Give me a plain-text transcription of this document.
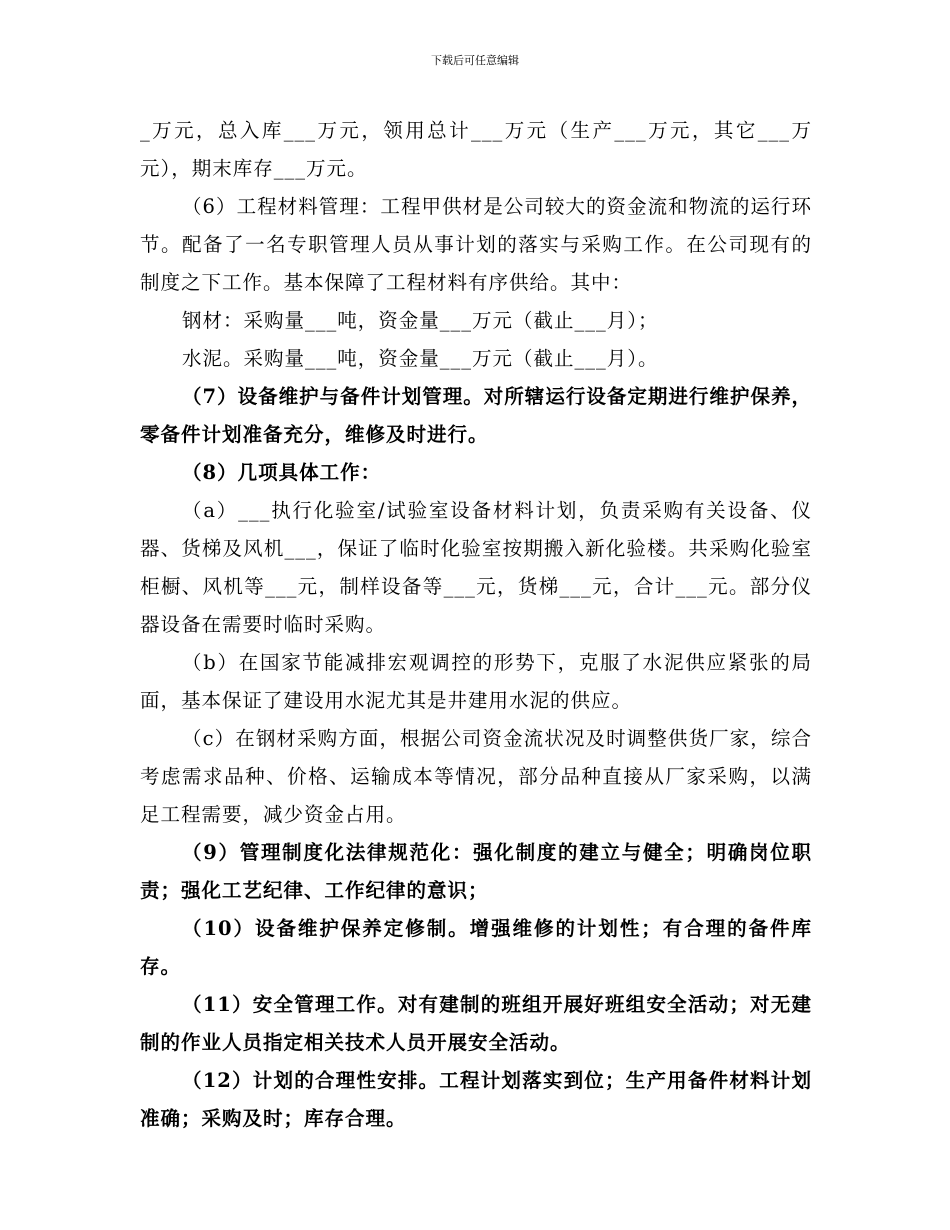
下载后可任意编辑

_万元，总入库___万元，领用总计___万元（生产___万元，其它___万元），期末库存___万元。

（6）工程材料管理：工程甲供材是公司较大的资金流和物流的运行环节。配备了一名专职管理人员从事计划的落实与采购工作。在公司现有的制度之下工作。基本保障了工程材料有序供给。其中：

钢材：采购量___吨，资金量___万元（截止___月）；

水泥。采购量___吨，资金量___万元（截止___月）。

（7）设备维护与备件计划管理。对所辖运行设备定期进行维护保养，零备件计划准备充分，维修及时进行。

（8）几项具体工作：

（a）___执行化验室/试验室设备材料计划，负责采购有关设备、仪器、货梯及风机___，保证了临时化验室按期搬入新化验楼。共采购化验室柜橱、风机等___元，制样设备等___元，货梯___元，合计___元。部分仪器设备在需要时临时采购。

（b）在国家节能减排宏观调控的形势下，克服了水泥供应紧张的局面，基本保证了建设用水泥尤其是井建用水泥的供应。

（c）在钢材采购方面，根据公司资金流状况及时调整供货厂家，综合考虑需求品种、价格、运输成本等情况，部分品种直接从厂家采购，以满足工程需要，减少资金占用。

（9）管理制度化法律规范化：强化制度的建立与健全；明确岗位职责；强化工艺纪律、工作纪律的意识；

（10）设备维护保养定修制。增强维修的计划性；有合理的备件库存。

（11）安全管理工作。对有建制的班组开展好班组安全活动；对无建制的作业人员指定相关技术人员开展安全活动。

（12）计划的合理性安排。工程计划落实到位；生产用备件材料计划准确；采购及时；库存合理。
